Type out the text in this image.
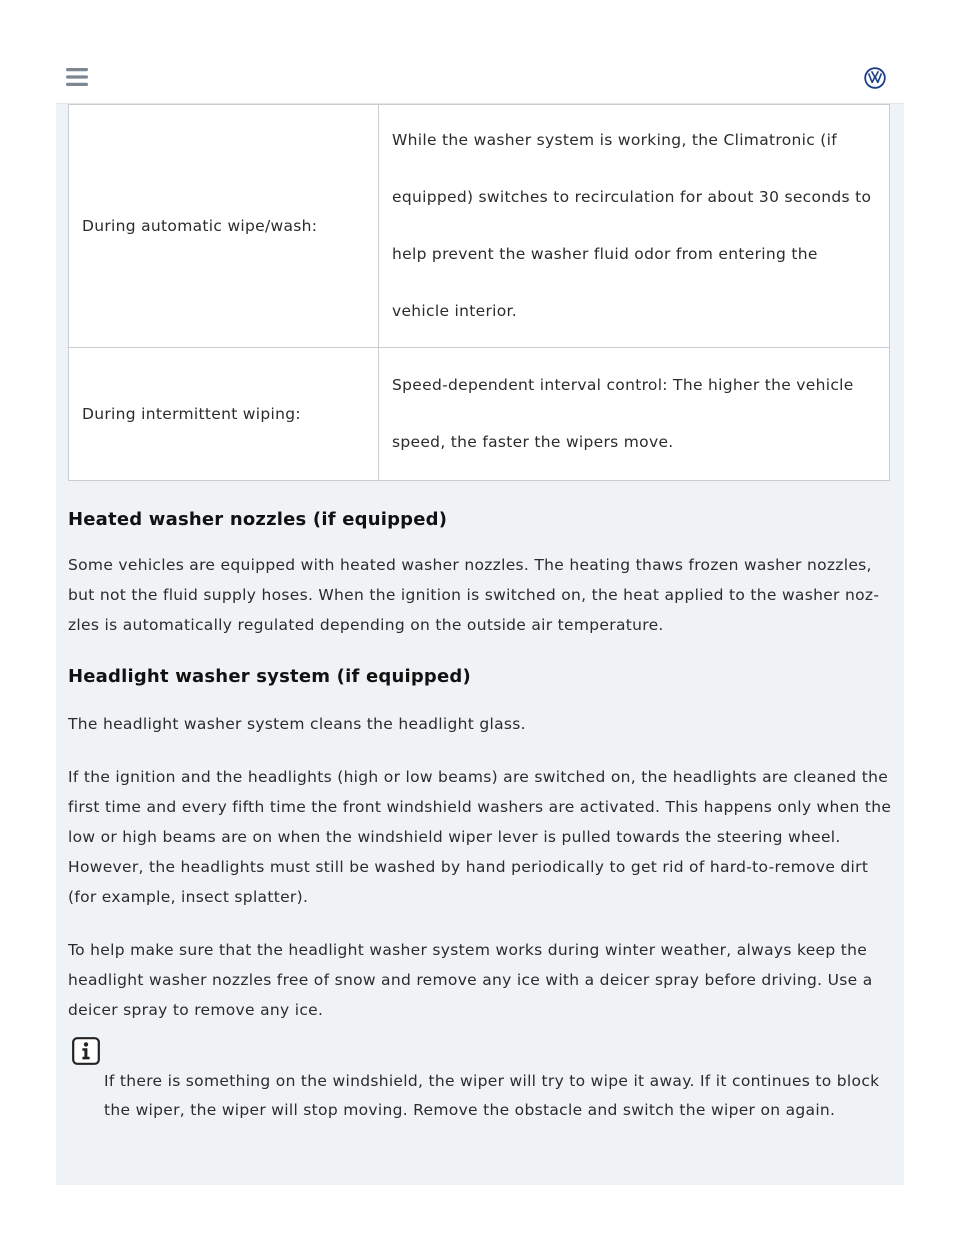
During automatic wipe/wash:	While the washer system is working, the Climatronic (if equipped) switches to recirculation for about 30 seconds to help prevent the washer fluid odor from entering the vehicle interior.
During intermittent wiping:	Speed-dependent interval control: The higher the vehicle speed, the faster the wipers move.
Heated washer nozzles (if equipped)

Some vehicles are equipped with heated washer nozzles. The heating thaws frozen washer nozzles, but not the fluid supply hoses. When the ignition is switched on, the heat applied to the washer nozzles is automatically regulated depending on the outside air temperature.

Headlight washer system (if equipped)

The headlight washer system cleans the headlight glass.

If the ignition and the headlights (high or low beams) are switched on, the headlights are cleaned the first time and every fifth time the front windshield washers are activated. This happens only when the low or high beams are on when the windshield wiper lever is pulled towards the steering wheel. However, the headlights must still be washed by hand periodically to get rid of hard-to-remove dirt (for example, insect splatter).

To help make sure that the headlight washer system works during winter weather, always keep the headlight washer nozzles free of snow and remove any ice with a deicer spray before driving. Use a deicer spray to remove any ice.

If there is something on the windshield, the wiper will try to wipe it away. If it continues to block the wiper, the wiper will stop moving. Remove the obstacle and switch the wiper on again.
